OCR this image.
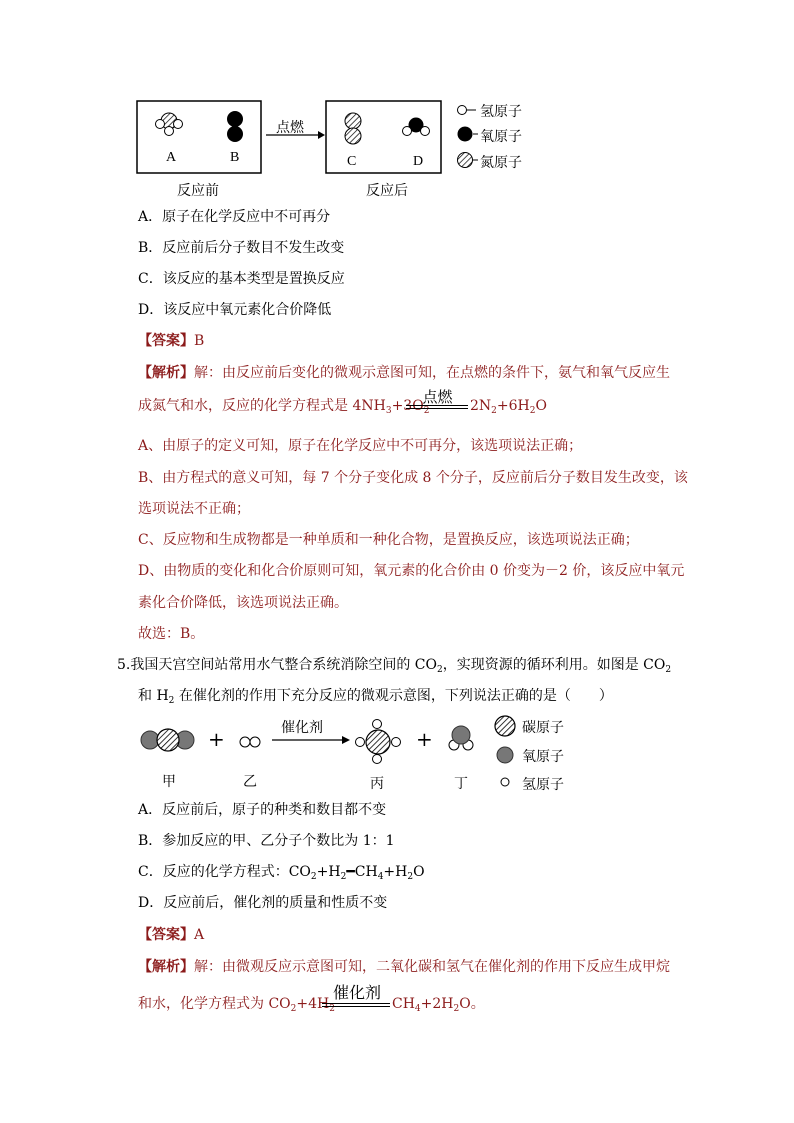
A	B	C	D
点燃
反应前	反应后
氢原子
氧原子
氮原子
A．原子在化学反应中不可再分
B．反应前后分子数目不发生改变
C．该反应的基本类型是置换反应
D．该反应中氧元素化合价降低
【答案】B
【解析】解：由反应前后变化的微观示意图可知，在点燃的条件下，氨气和氧气反应生
成氮气和水，反应的化学方程式是 $4NH_3+3O_2$
点燃	$2N_2+6H_2O$
A、由原子的定义可知，原子在化学反应中不可再分，该选项说法正确；
B、由方程式的意义可知，每 7 个分子变化成 8 个分子，反应前后分子数目发生改变，该
选项说法不正确；
C、反应物和生成物都是一种单质和一种化合物，是置换反应，该选项说法正确；
D、由物质的变化和化合价原则可知，氧元素的化合价由 0 价变为－2 价，该反应中氧元
素化合价降低，该选项说法正确。
故选：B。
5.我国天宫空间站常用水气整合系统消除空间的 $CO_2$，实现资源的循环利用。如图是 $CO_2$
和 $H_2$ 在催化剂的作用下充分反应的微观示意图，下列说法正确的是（　　）
+	+
催化剂
甲	乙	丙	丁
碳原子
氧原子
氢原子
A．反应前后，原子的种类和数目都不变
B．参加反应的甲、乙分子个数比为 1：1
C．反应的化学方程式：$CO_2+H_2━CH_4+H_2O$
D．反应前后，催化剂的质量和性质不变
【答案】A
【解析】解：由微观反应示意图可知，二氧化碳和氢气在催化剂的作用下反应生成甲烷
和水，化学方程式为 $CO_2+4H_2$
催化剂
$CH_4+2H_2O$。
